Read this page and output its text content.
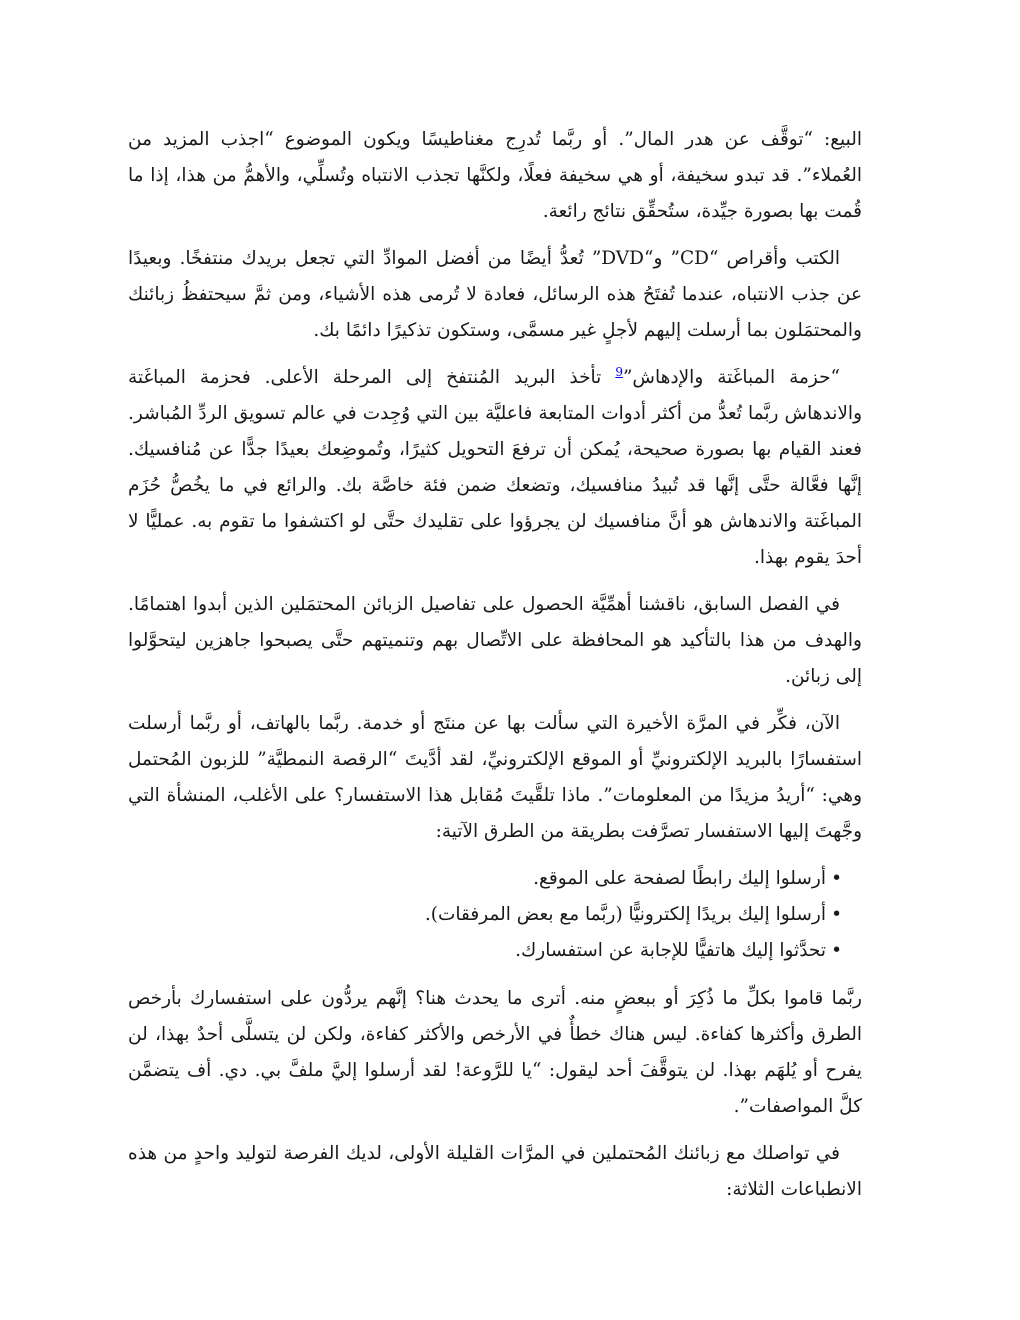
البيع: “توقَّف عن هدر المال”. أو ربَّما تُدرِج مغناطيسًا ويكون الموضوع “اجذب المزيد من العُملاء”. قد تبدو سخيفة، أو هي سخيفة فعلًا، ولكنَّها تجذب الانتباه وتُسلِّي، والأهمُّ من هذا، إذا ما قُمت بها بصورة جيِّدة، ستُحقِّق نتائج رائعة.

الكتب وأقراص “CD” و“DVD” تُعدُّ أيضًا من أفضل الموادِّ التي تجعل بريدك منتفخًا. وبعيدًا عن جذب الانتباه، عندما تُفتَحُ هذه الرسائل، فعادة لا تُرمى هذه الأشياء، ومن ثمَّ سيحتفظُ زبائنك والمحتمَلون بما أرسلت إليهم لأجلٍ غير مسمَّى، وستكون تذكيرًا دائمًا بك.

“حزمة المباغَتة والإدهاش”$^9$ تأخذ البريد المُنتفخ إلى المرحلة الأعلى. فحزمة المباغَتة والاندهاش ربَّما تُعدُّ من أكثر أدوات المتابعة فاعليَّة بين التي وُجِدت في عالم تسويق الردِّ المُباشر. فعند القيام بها بصورة صحيحة، يُمكن أن ترفعَ التحويل كثيرًا، وتُموضِعك بعيدًا جدًّا عن مُنافسيك. إنَّها فعَّالة حتَّى إنَّها قد تُبيدُ منافسيك، وتضعك ضمن فئة خاصَّة بك. والرائع في ما يخُصُّ حُزَم المباغَتة والاندهاش هو أنَّ منافسيك لن يجرؤوا على تقليدك حتَّى لو اكتشفوا ما تقوم به. عمليًّا لا أحدَ يقوم بهذا.

في الفصل السابق، ناقشنا أهمِّيَّة الحصول على تفاصيل الزبائن المحتمَلين الذين أبدوا اهتمامًا. والهدف من هذا بالتأكيد هو المحافظة على الاتِّصال بهم وتنميتهم حتَّى يصبحوا جاهزين ليتحوَّلوا إلى زبائن.

الآن، فكِّر في المرَّة الأخيرة التي سألت بها عن منتَج أو خدمة. ربَّما بالهاتف، أو ربَّما أرسلت استفسارًا بالبريد الإلكترونيِّ أو الموقع الإلكترونيِّ، لقد أدَّيتَ “الرقصة النمطيَّة” للزبون المُحتمل وهي: “أريدُ مزيدًا من المعلومات”. ماذا تلقَّيتَ مُقابل هذا الاستفسار؟ على الأغلب، المنشأة التي وجَّهتَ إليها الاستفسار تصرَّفت بطريقة من الطرق الآتية:

•
أرسلوا إليك رابطًا لصفحة على الموقع.
•
أرسلوا إليك بريدًا إلكترونيًّا (ربَّما مع بعض المرفقات).
•
تحدَّثوا إليك هاتفيًّا للإجابة عن استفسارك.

ربَّما قاموا بكلِّ ما ذُكِرَ أو ببعضٍ منه. أترى ما يحدث هنا؟ إنَّهم يردُّون على استفسارك بأرخص الطرق وأكثرها كفاءة. ليس هناك خطأٌ في الأرخص والأكثر كفاءة، ولكن لن يتسلَّى أحدٌ بهذا، لن يفرح أو يُلهَم بهذا. لن يتوقَّفَ أحد ليقول: “يا للرَّوعة! لقد أرسلوا إليَّ ملفَّ بي. دي. أف يتضمَّن كلَّ المواصفات”.

في تواصلك مع زبائنك المُحتملين في المرَّات القليلة الأولى، لديك الفرصة لتوليد واحدٍ من هذه الانطباعات الثلاثة:
